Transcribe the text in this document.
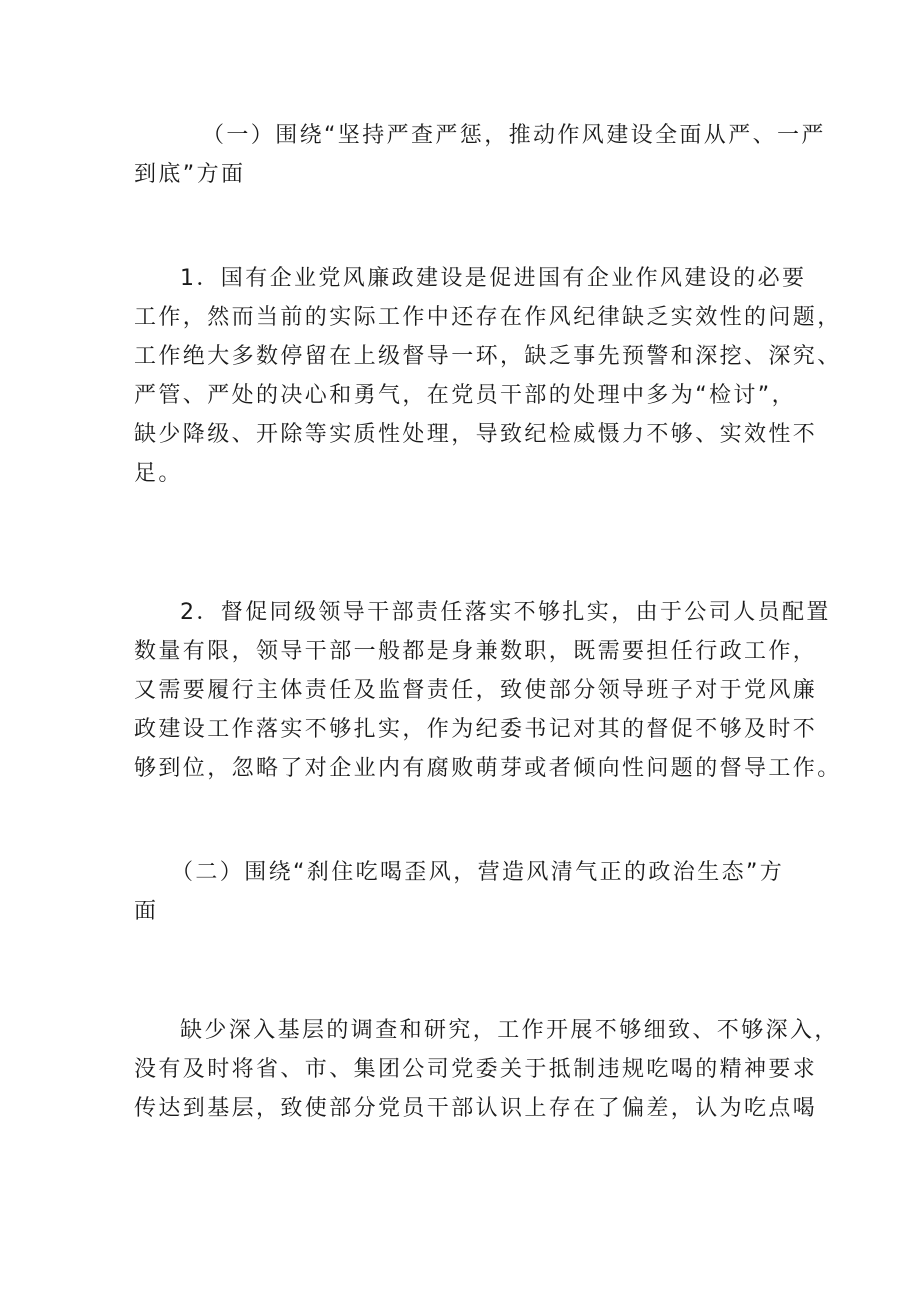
（一）围绕“坚持严查严惩，推动作风建设全面从严、一严
到底”方面
1．国有企业党风廉政建设是促进国有企业作风建设的必要
工作，然而当前的实际工作中还存在作风纪律缺乏实效性的问题，
工作绝大多数停留在上级督导一环，缺乏事先预警和深挖、深究、
严管、严处的决心和勇气，在党员干部的处理中多为“检讨”，
缺少降级、开除等实质性处理，导致纪检威慑力不够、实效性不
足。
2．督促同级领导干部责任落实不够扎实，由于公司人员配置
数量有限，领导干部一般都是身兼数职，既需要担任行政工作，
又需要履行主体责任及监督责任，致使部分领导班子对于党风廉
政建设工作落实不够扎实，作为纪委书记对其的督促不够及时不
够到位，忽略了对企业内有腐败萌芽或者倾向性问题的督导工作。
（二）围绕“刹住吃喝歪风，营造风清气正的政治生态”方
面
缺少深入基层的调查和研究，工作开展不够细致、不够深入，
没有及时将省、市、集团公司党委关于抵制违规吃喝的精神要求
传达到基层，致使部分党员干部认识上存在了偏差，认为吃点喝
